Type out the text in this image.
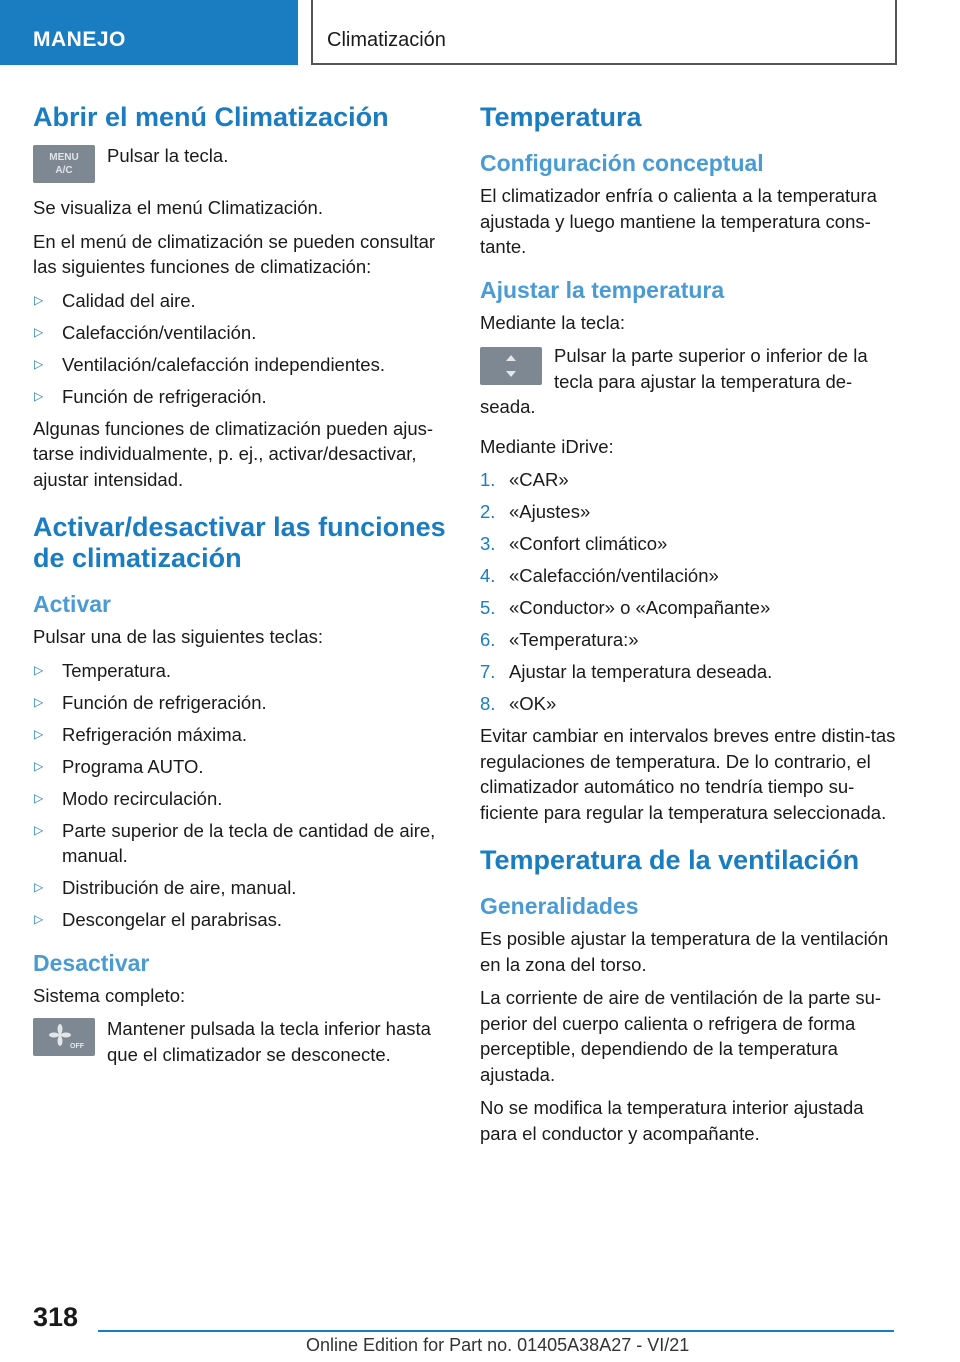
MANEJO	Climatización
Abrir el menú Climatización
MENU
A/C
Pulsar la tecla.

Se visualiza el menú Climatización.

En el menú de climatización se pueden consultar las siguientes funciones de climatización:

▷ Calidad del aire.
▷ Calefacción/ventilación.
▷ Ventilación/calefacción independientes.
▷ Función de refrigeración.

Algunas funciones de climatización pueden ajus-tarse individualmente, p. ej., activar/desactivar, ajustar intensidad.

Activar/desactivar las funciones de climatización
Activar

Pulsar una de las siguientes teclas:

▷ Temperatura.
▷ Función de refrigeración.
▷ Refrigeración máxima.
▷ Programa AUTO.
▷ Modo recirculación.
▷ Parte superior de la tecla de cantidad de aire, manual.
▷ Distribución de aire, manual.
▷ Descongelar el parabrisas.
Desactivar

Sistema completo:

OFF
Mantener pulsada la tecla inferior hasta que el climatizador se desconecte.
Temperatura
Configuración conceptual

El climatizador enfría o calienta a la temperatura ajustada y luego mantiene la temperatura cons-tante.

Ajustar la temperatura

Mediante la tecla:

Pulsar la parte superior o inferior de la tecla para ajustar la temperatura de-seada.

Mediante iDrive:

1. «CAR»
2. «Ajustes»
3. «Confort climático»
4. «Calefacción/ventilación»
5. «Conductor» o «Acompañante»
6. «Temperatura:»
7. Ajustar la temperatura deseada.
8. «OK»

Evitar cambiar en intervalos breves entre distin-tas regulaciones de temperatura. De lo contrario, el climatizador automático no tendría tiempo su-ficiente para regular la temperatura seleccionada.

Temperatura de la ventilación
Generalidades

Es posible ajustar la temperatura de la ventilación en la zona del torso.

La corriente de aire de ventilación de la parte su-perior del cuerpo calienta o refrigera de forma perceptible, dependiendo de la temperatura ajustada.

No se modifica la temperatura interior ajustada para el conductor y acompañante.

318
Online Edition for Part no. 01405A38A27 - VI/21
